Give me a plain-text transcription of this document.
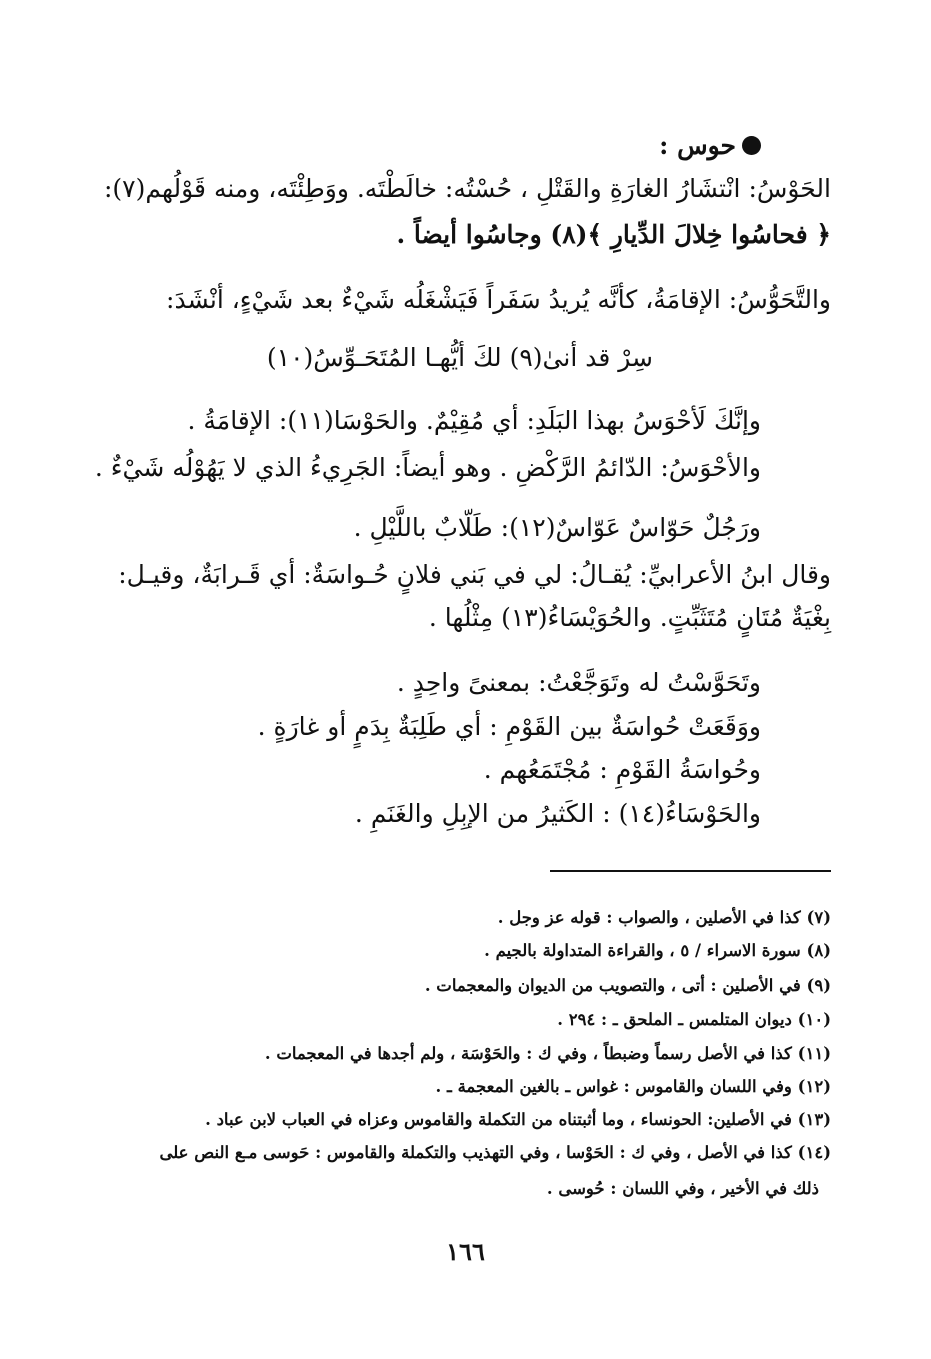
حوس :
الحَوْسُ: انْتشَارُ الغارَةِ والقَتْلِ ، حُسْتُه: خالَطْتَه. ووَطِئْتَه، ومنه قَوْلُهم(٧):
﴿ فحاسُوا خِلالَ الدِّيارِ ﴾(٨) وجاسُوا أيضاً .
والتَّحَوُّسُ: الإقامَةُ، كأنَّه يُريدُ سَفَراً فَيَشْغَلُه شَيْءٌ بعد شَيْءٍ، أنْشَدَ:
سِرْ قد أنىٰ(٩) لكَ أيُّهـا المُتَحَـوِّسُ(١٠)
وإنَّكَ لَأحْوَسُ بهذا البَلَدِ: أي مُقِيْمٌ. والحَوْسَا(١١): الإقامَةُ .
والأحْوَسُ: الدّائمُ الرَّكْضِ . وهو أيضاً: الجَرِيءُ الذي لا يَهُوْلُه شَيْءٌ .
ورَجُلٌ حَوّاسٌ عَوّاسٌ(١٢): طَلّابٌ باللَّيْلِ .
وقال ابنُ الأعرابيِّ: يُقـالُ: لي في بَني فلانٍ حُـواسَةٌ: أي قَـرابَةٌ، وقيـل:
بِغْيَةٌ مُتَانٍ مُتَثَبِّتٍ. والحُوَيْسَاءُ(١٣) مِثْلُها .
وتَحَوَّسْتُ له وتَوَجَّعْتُ: بمعنىً واحِدٍ .
ووَقَعَتْ حُواسَةٌ بين القَوْمِ : أي طَلِبَةٌ بِدَمٍ أو غارَةٍ .
وحُواسَةُ القَوْمِ : مُجْتَمَعُهم .
والحَوْسَاءُ(١٤) : الكَثيرُ من الإبِلِ والغَنَمِ .
(٧) كذا في الأصلين ، والصواب : قوله عز وجل .
(٨) سورة الاسراء / ٥ ، والقراءة المتداولة بالجيم .
(٩) في الأصلين : أتى ، والتصويب من الديوان والمعجمات .
(١٠) ديوان المتلمس ـ الملحق ـ : ٢٩٤ .
(١١) كذا في الأصل رسماً وضبطاً ، وفي ك : والحَوْسَة ، ولم أجدها في المعجمات .
(١٢) وفي اللسان والقاموس : غواس ـ بالغين المعجمة ـ .
(١٣) في الأصلين: الحونساء ، وما أثبتناه من التكملة والقاموس وعزاه في العباب لابن عباد .
(١٤) كذا في الأصل ، وفي ك : الحَوْسا ، وفي التهذيب والتكملة والقاموس : حَوسى مـع النص على
ذلك في الأخير ، وفي اللسان : حُوسى .
١٦٦
